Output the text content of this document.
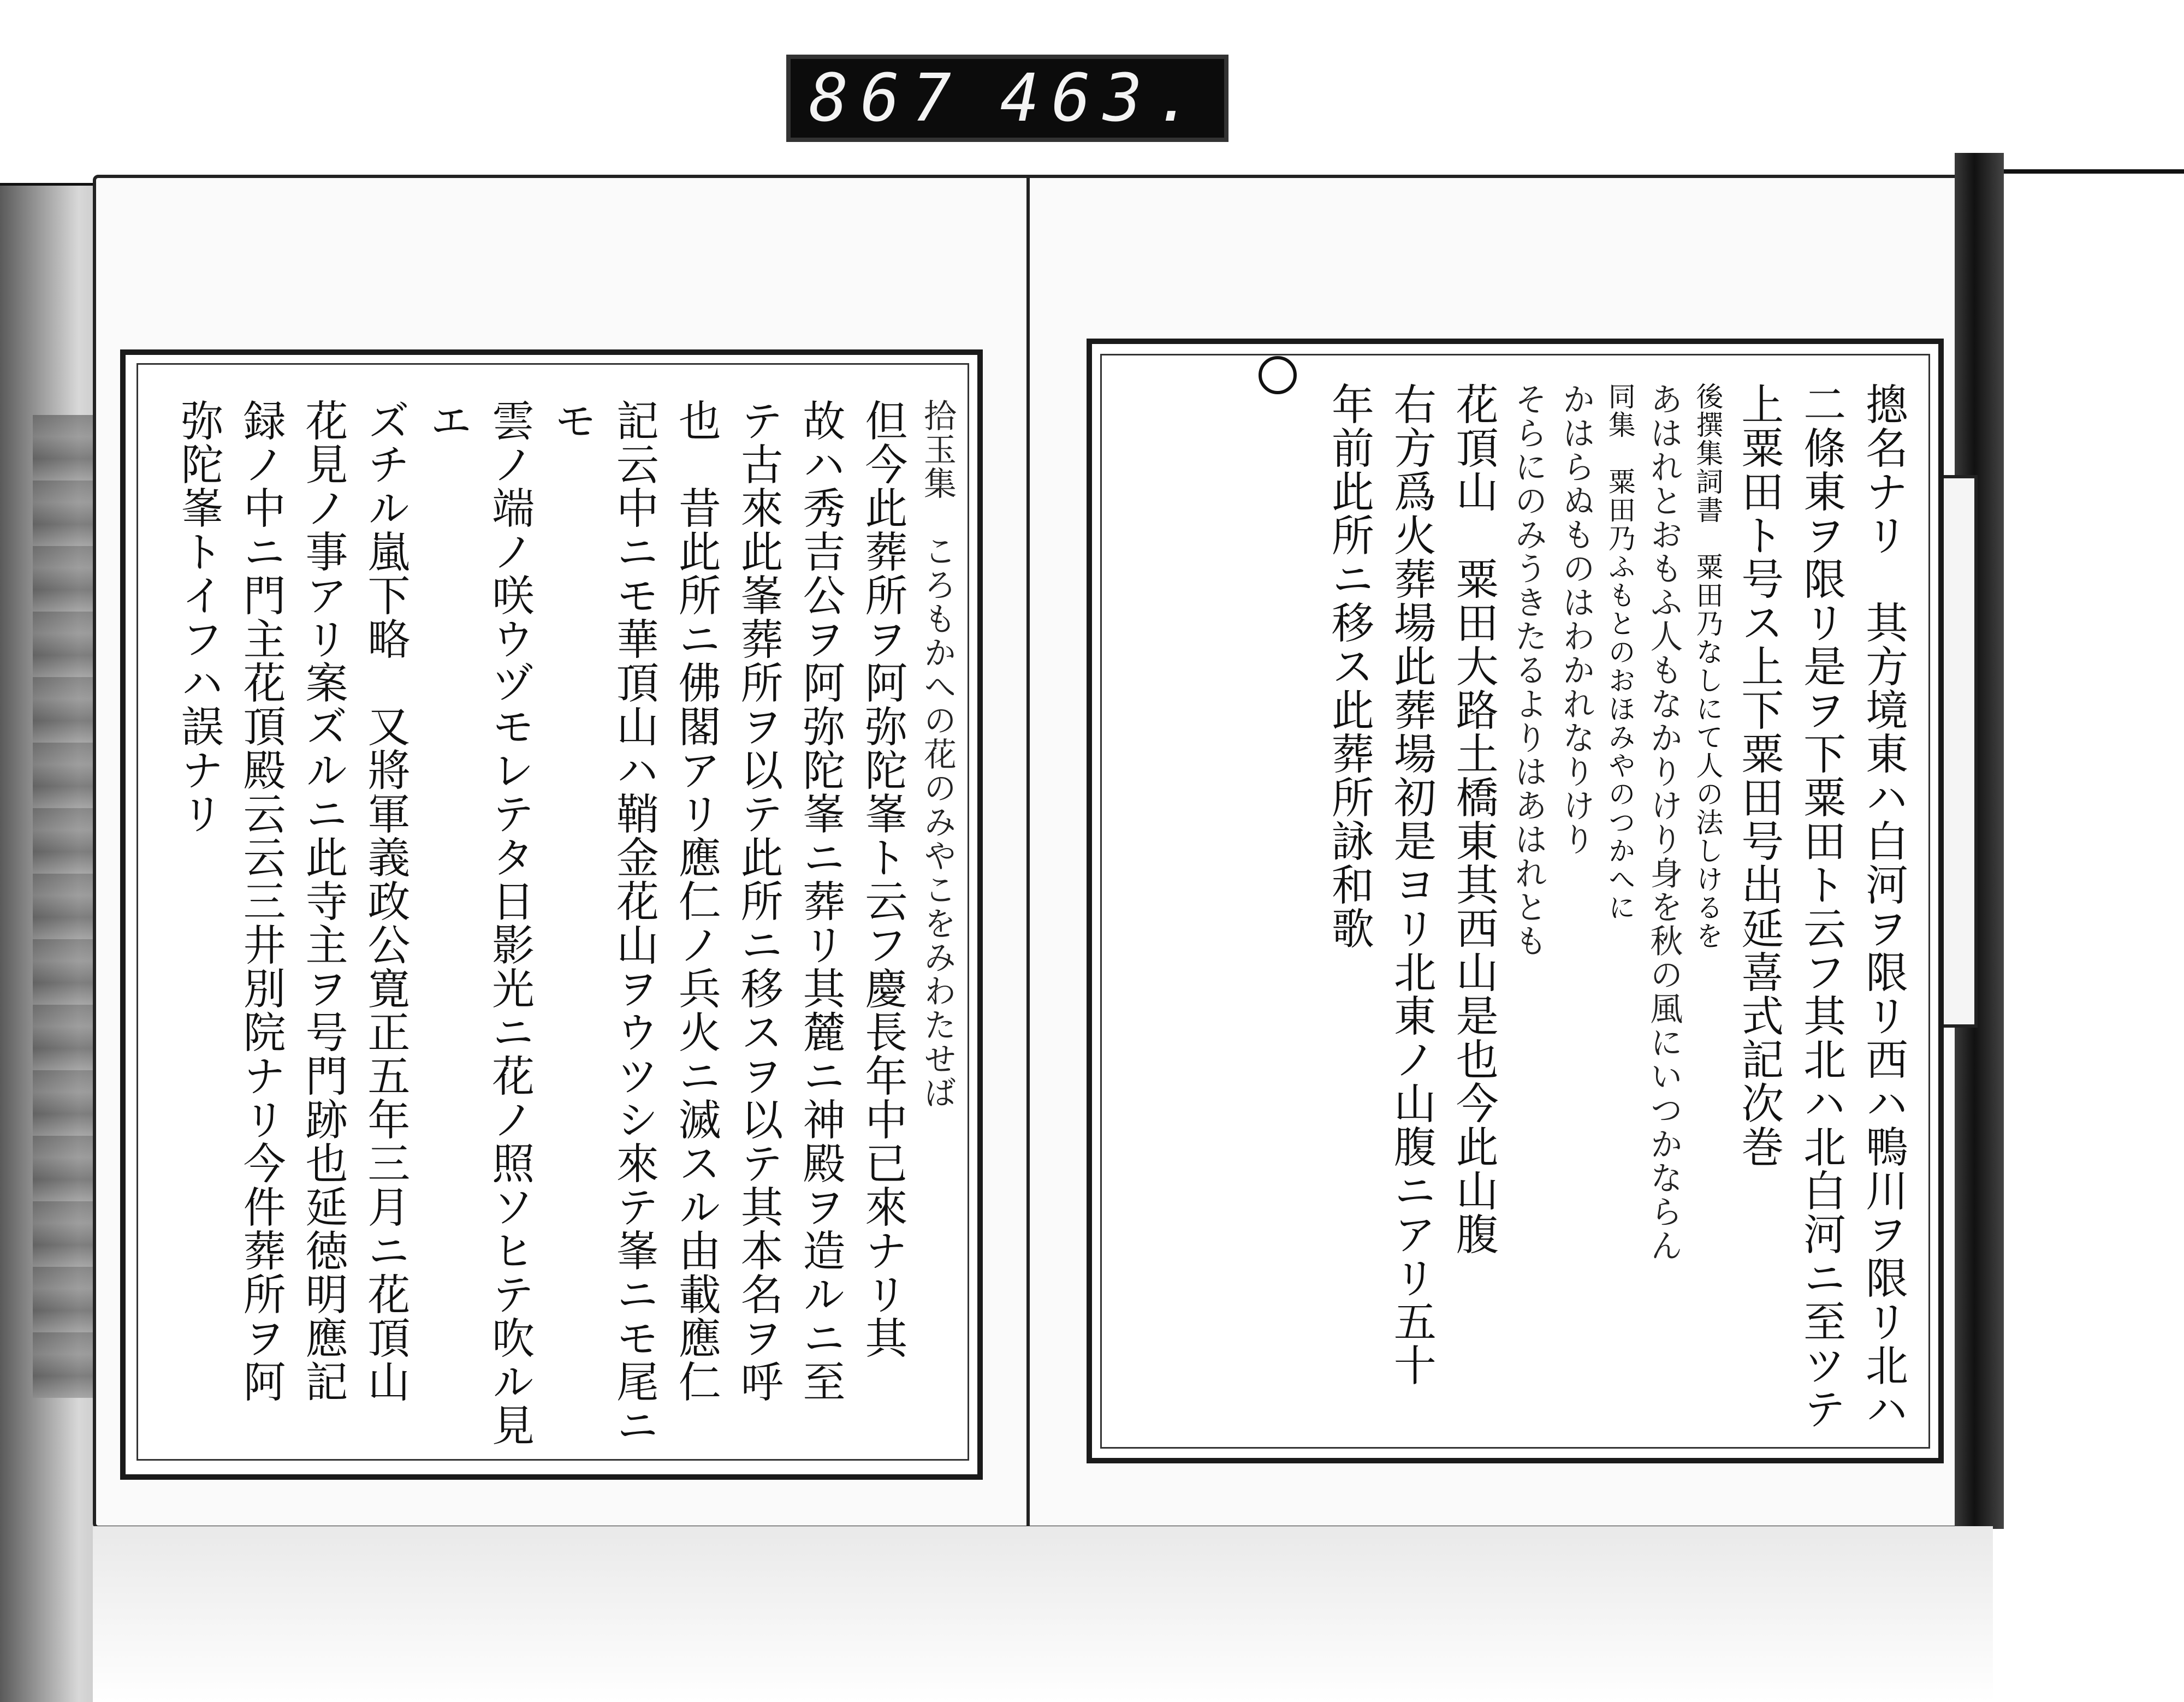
867 463.
摠名ナリ　其方境東ハ白河ヲ限リ西ハ鴨川ヲ限リ北ハ
二條東ヲ限リ是ヲ下粟田ト云フ其北ハ北白河ニ至ツテ
上粟田ト号ス上下粟田号出延喜式記次巻
後撰集詞書　粟田乃なしにて人の法しけるを
あはれとおもふ人もなかりけり身を秋の風にいつかならん
同集　粟田乃ふもとのおほみやのつかへに
かはらぬものはわかれなりけり
そらにのみうきたるよりはあはれとも
花頂山　粟田大路土橋東其西山是也今此山腹
右方爲火葬場此葬場初是ヨリ北東ノ山腹ニアリ五十
年前此所ニ移ス此葬所詠和歌
拾玉集　ころもかへの花のみやこをみわたせば
但今此葬所ヲ阿弥陀峯ト云フ慶長年中已來ナリ其
故ハ秀吉公ヲ阿弥陀峯ニ葬リ其麓ニ神殿ヲ造ルニ至
テ古來此峯葬所ヲ以テ此所ニ移スヲ以テ其本名ヲ呼
也　昔此所ニ佛閣アリ應仁ノ兵火ニ滅スル由載應仁
記云中ニモ華頂山ハ鞘金花山ヲウツシ來テ峯ニモ尾ニモ
雲ノ端ノ咲ウヅモレテタ日影光ニ花ノ照ソヒテ吹ル見エ
ズチル嵐下略　又將軍義政公寛正五年三月ニ花頂山
花見ノ事アリ案ズルニ此寺主ヲ号門跡也延徳明應記
録ノ中ニ門主花頂殿云云三井別院ナリ今件葬所ヲ阿
弥陀峯トイフハ誤ナリ
